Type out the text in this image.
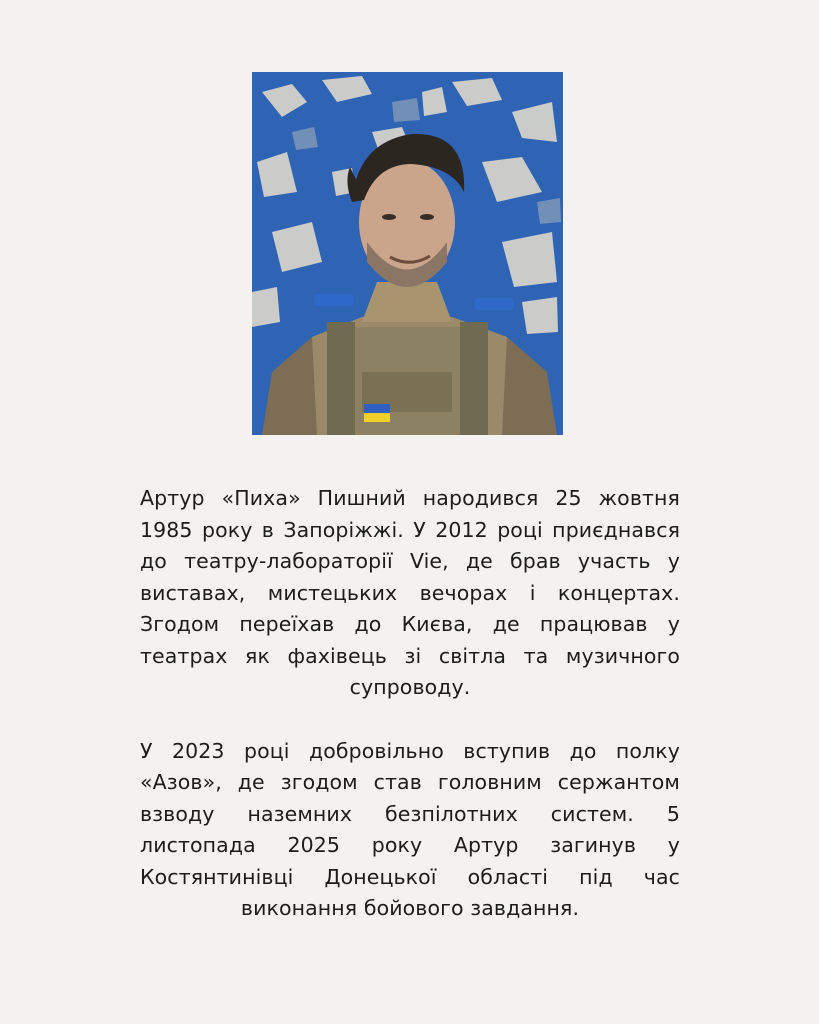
Артур «Пиха» Пишний народився 25 жовтня 1985 року в Запоріжжі. У 2012 році приєднався до театру-лабораторії Vie, де брав участь у виставах, мистецьких вечорах і концертах. Згодом переїхав до Києва, де працював у театрах як фахівець зі світла та музичного супроводу.

У 2023 році добровільно вступив до полку «Азов», де згодом став головним сержантом взводу наземних безпілотних систем. 5 листопада 2025 року Артур загинув у Костянтинівці Донецької області під час виконання бойового завдання.
